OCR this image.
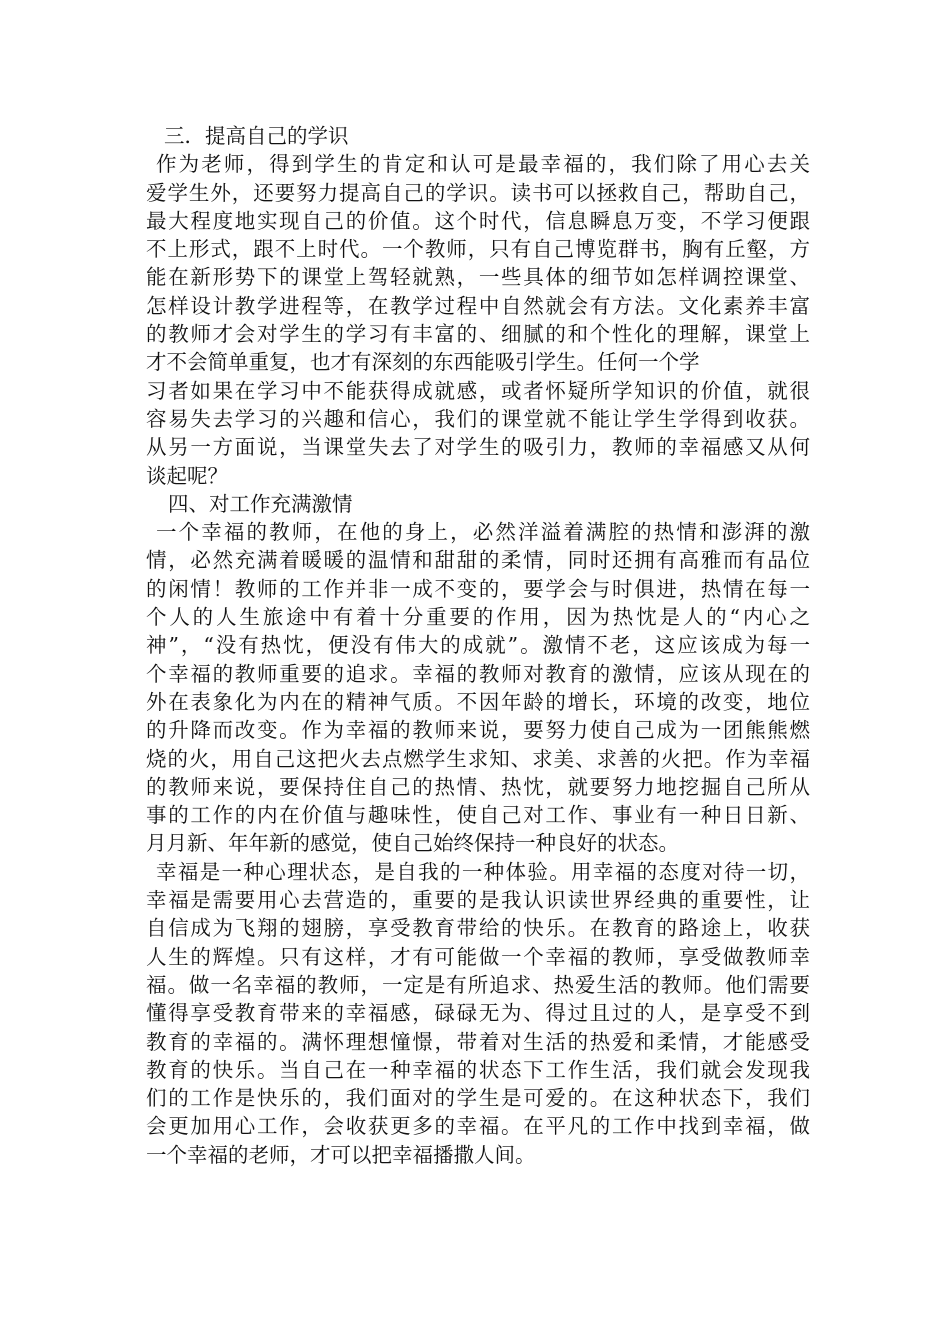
三．提高自己的学识
作为老师，得到学生的肯定和认可是最幸福的，我们除了用心去关
爱学生外，还要努力提高自己的学识。读书可以拯救自己，帮助自己，
最大程度地实现自己的价值。这个时代，信息瞬息万变，不学习便跟
不上形式，跟不上时代。一个教师，只有自己博览群书，胸有丘壑，方
能在新形势下的课堂上驾轻就熟，一些具体的细节如怎样调控课堂、
怎样设计教学进程等，在教学过程中自然就会有方法。文化素养丰富
的教师才会对学生的学习有丰富的、细腻的和个性化的理解，课堂上
才不会简单重复，也才有深刻的东西能吸引学生。任何一个学
习者如果在学习中不能获得成就感，或者怀疑所学知识的价值，就很
容易失去学习的兴趣和信心，我们的课堂就不能让学生学得到收获。
从另一方面说，当课堂失去了对学生的吸引力，教师的幸福感又从何
谈起呢？
四、对工作充满激情
一个幸福的教师，在他的身上，必然洋溢着满腔的热情和澎湃的激
情，必然充满着暖暖的温情和甜甜的柔情，同时还拥有高雅而有品位
的闲情！教师的工作并非一成不变的，要学会与时俱进，热情在每一
个人的人生旅途中有着十分重要的作用，因为热忱是人的“内心之
神”，“没有热忱，便没有伟大的成就”。激情不老，这应该成为每一
个幸福的教师重要的追求。幸福的教师对教育的激情，应该从现在的
外在表象化为内在的精神气质。不因年龄的增长，环境的改变，地位
的升降而改变。作为幸福的教师来说，要努力使自己成为一团熊熊燃
烧的火，用自己这把火去点燃学生求知、求美、求善的火把。作为幸福
的教师来说，要保持住自己的热情、热忱，就要努力地挖掘自己所从
事的工作的内在价值与趣味性，使自己对工作、事业有一种日日新、
月月新、年年新的感觉，使自己始终保持一种良好的状态。
幸福是一种心理状态，是自我的一种体验。用幸福的态度对待一切，
幸福是需要用心去营造的，重要的是我认识读世界经典的重要性，让
自信成为飞翔的翅膀，享受教育带给的快乐。在教育的路途上，收获
人生的辉煌。只有这样，才有可能做一个幸福的教师，享受做教师幸
福。做一名幸福的教师，一定是有所追求、热爱生活的教师。他们需要
懂得享受教育带来的幸福感，碌碌无为、得过且过的人，是享受不到
教育的幸福的。满怀理想憧憬，带着对生活的热爱和柔情，才能感受
教育的快乐。当自己在一种幸福的状态下工作生活，我们就会发现我
们的工作是快乐的，我们面对的学生是可爱的。在这种状态下，我们
会更加用心工作，会收获更多的幸福。在平凡的工作中找到幸福，做
一个幸福的老师，才可以把幸福播撒人间。
